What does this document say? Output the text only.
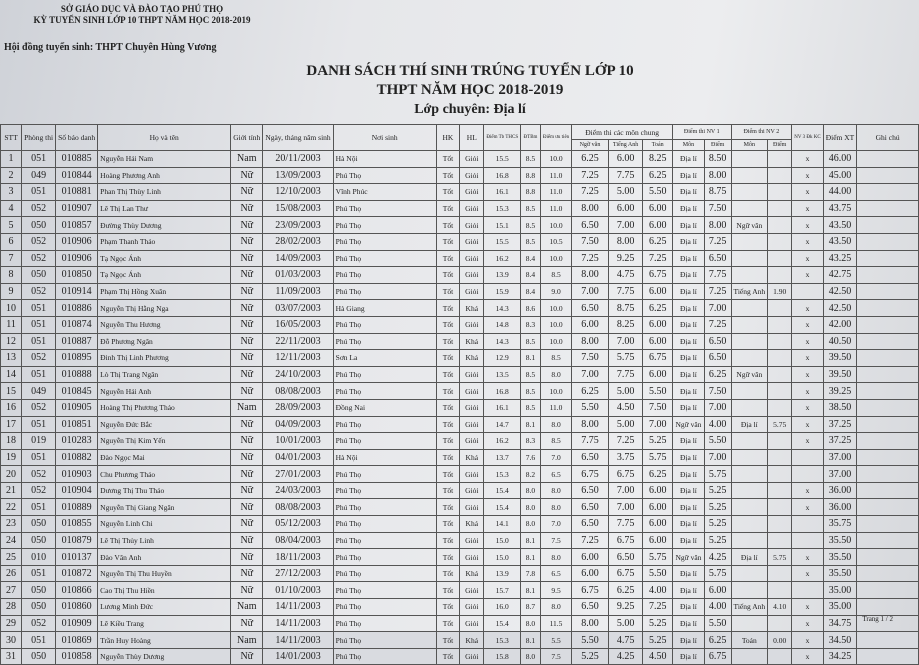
SỞ GIÁO DỤC VÀ ĐÀO TẠO PHÚ THỌ
KỲ TUYỂN SINH LỚP 10 THPT NĂM HỌC 2018-2019
Hội đồng tuyển sinh: THPT Chuyên Hùng Vương
DANH SÁCH THÍ SINH TRÚNG TUYỂN LỚP 10
THPT NĂM HỌC 2018-2019
Lớp chuyên: Địa lí
STT	Phòng thi	Số báo danh	Họ và tên	Giới tính	Ngày, tháng năm sinh	Nơi sinh	HK	HL	Điểm Tb THCS	ĐTBm	Điểm ưu tiên	Điểm thi các môn chung			Điểm thi NV 1		Điểm thi NV 2		NV 3 Đk KC	Điểm XT	Ghi chú
												Ngữ văn	Tiếng Anh	Toán	Môn	Điểm	Môn	Điểm			
1	051	010885	Nguyễn Hải Nam	Nam	20/11/2003	Hà Nội	Tốt	Giỏi	15.5	8.5	10.0	6.25	6.00	8.25	Địa lí	8.50			x	46.00	
2	049	010844	Hoàng Phương Anh	Nữ	13/09/2003	Phú Thọ	Tốt	Giỏi	16.8	8.8	11.0	7.25	7.75	6.25	Địa lí	8.00			x	45.00	
3	051	010881	Phan Thị Thùy Linh	Nữ	12/10/2003	Vĩnh Phúc	Tốt	Giỏi	16.1	8.8	11.0	7.25	5.00	5.50	Địa lí	8.75			x	44.00	
4	052	010907	Lê Thị Lan Thư	Nữ	15/08/2003	Phú Thọ	Tốt	Giỏi	15.3	8.5	11.0	8.00	6.00	6.00	Địa lí	7.50			x	43.75	
5	050	010857	Đường Thùy Dương	Nữ	23/09/2003	Phú Thọ	Tốt	Giỏi	15.1	8.5	10.0	6.50	7.00	6.00	Địa lí	8.00	Ngữ văn		x	43.50	
6	052	010906	Phạm Thanh Thảo	Nữ	28/02/2003	Phú Thọ	Tốt	Giỏi	15.5	8.5	10.5	7.50	8.00	6.25	Địa lí	7.25			x	43.50	
7	052	010906	Tạ Ngọc Ánh	Nữ	14/09/2003	Phú Thọ	Tốt	Giỏi	16.2	8.4	10.0	7.25	9.25	7.25	Địa lí	6.50			x	43.25	
8	050	010850	Tạ Ngọc Ánh	Nữ	01/03/2003	Phú Thọ	Tốt	Giỏi	13.9	8.4	8.5	8.00	4.75	6.75	Địa lí	7.75			x	42.75	
9	052	010914	Phạm Thị Hồng Xuân	Nữ	11/09/2003	Phú Thọ	Tốt	Giỏi	15.9	8.4	9.0	7.00	7.75	6.00	Địa lí	7.25	Tiếng Anh	1.90		42.50	
10	051	010886	Nguyễn Thị Hằng Nga	Nữ	03/07/2003	Hà Giang	Tốt	Khá	14.3	8.6	10.0	6.50	8.75	6.25	Địa lí	7.00			x	42.50	
11	051	010874	Nguyễn Thu Hương	Nữ	16/05/2003	Phú Thọ	Tốt	Giỏi	14.8	8.3	10.0	6.00	8.25	6.00	Địa lí	7.25			x	42.00	
12	051	010887	Đỗ Phương Ngân	Nữ	22/11/2003	Phú Thọ	Tốt	Khá	14.3	8.5	10.0	8.00	7.00	6.00	Địa lí	6.50			x	40.50	
13	052	010895	Đinh Thị Linh Phương	Nữ	12/11/2003	Sơn La	Tốt	Khá	12.9	8.1	8.5	7.50	5.75	6.75	Địa lí	6.50			x	39.50	
14	051	010888	Lò Thị Trang Ngân	Nữ	24/10/2003	Phú Thọ	Tốt	Giỏi	13.5	8.5	8.0	7.00	7.75	6.00	Địa lí	6.25	Ngữ văn		x	39.50	
15	049	010845	Nguyễn Hải Anh	Nữ	08/08/2003	Phú Thọ	Tốt	Giỏi	16.8	8.5	10.0	6.25	5.00	5.50	Địa lí	7.50			x	39.25	
16	052	010905	Hoàng Thị Phương Thảo	Nam	28/09/2003	Đồng Nai	Tốt	Giỏi	16.1	8.5	11.0	5.50	4.50	7.50	Địa lí	7.00			x	38.50	
17	051	010851	Nguyễn Đức Bắc	Nữ	04/09/2003	Phú Thọ	Tốt	Giỏi	14.7	8.1	8.0	8.00	5.00	7.00	Ngữ văn	4.00	Địa lí	5.75	x	37.25	
18	019	010283	Nguyễn Thị Kim Yến	Nữ	10/01/2003	Phú Thọ	Tốt	Giỏi	16.2	8.3	8.5	7.75	7.25	5.25	Địa lí	5.50			x	37.25	
19	051	010882	Đào Ngọc Mai	Nữ	04/01/2003	Hà Nội	Tốt	Khá	13.7	7.6	7.0	6.50	3.75	5.75	Địa lí	7.00				37.00	
20	052	010903	Chu Phương Thảo	Nữ	27/01/2003	Phú Thọ	Tốt	Giỏi	15.3	8.2	6.5	6.75	6.75	6.25	Địa lí	5.75				37.00	
21	052	010904	Dương Thị Thu Thảo	Nữ	24/03/2003	Phú Thọ	Tốt	Giỏi	15.4	8.0	8.0	6.50	7.00	6.00	Địa lí	5.25			x	36.00	
22	051	010889	Nguyễn Thị Giang Ngân	Nữ	08/08/2003	Phú Thọ	Tốt	Giỏi	15.4	8.0	8.0	6.50	7.00	6.00	Địa lí	5.25			x	36.00	
23	050	010855	Nguyễn Linh Chi	Nữ	05/12/2003	Phú Thọ	Tốt	Khá	14.1	8.0	7.0	6.50	7.75	6.00	Địa lí	5.25				35.75	
24	050	010879	Lê Thị Thủy Linh	Nữ	08/04/2003	Phú Thọ	Tốt	Giỏi	15.0	8.1	7.5	7.25	6.75	6.00	Địa lí	5.25				35.50	
25	010	010137	Đào Vân Anh	Nữ	18/11/2003	Phú Thọ	Tốt	Giỏi	15.0	8.1	8.0	6.00	6.50	5.75	Ngữ văn	4.25	Địa lí	5.75	x	35.50	
26	051	010872	Nguyễn Thị Thu Huyền	Nữ	27/12/2003	Phú Thọ	Tốt	Khá	13.9	7.8	6.5	6.00	6.75	5.50	Địa lí	5.75			x	35.50	
27	050	010866	Cao Thị Thu Hiền	Nữ	01/10/2003	Phú Thọ	Tốt	Giỏi	15.7	8.1	9.5	6.75	6.25	4.00	Địa lí	6.00				35.00	
28	050	010860	Lương Minh Đức	Nam	14/11/2003	Phú Thọ	Tốt	Giỏi	16.0	8.7	8.0	6.50	9.25	7.25	Địa lí	4.00	Tiếng Anh	4.10	x	35.00	
29	052	010909	Lê Kiều Trang	Nữ	14/11/2003	Phú Thọ	Tốt	Giỏi	15.4	8.0	11.5	8.00	5.00	5.25	Địa lí	5.50			x	34.75	
30	051	010869	Trần Huy Hoàng	Nam	14/11/2003	Phú Thọ	Tốt	Khá	15.3	8.1	5.5	5.50	4.75	5.25	Địa lí	6.25	Toán	0.00	x	34.50	
31	050	010858	Nguyễn Thùy Dương	Nữ	14/01/2003	Phú Thọ	Tốt	Giỏi	15.8	8.0	7.5	5.25	4.25	4.50	Địa lí	6.75			x	34.25	
Trang 1 / 2
